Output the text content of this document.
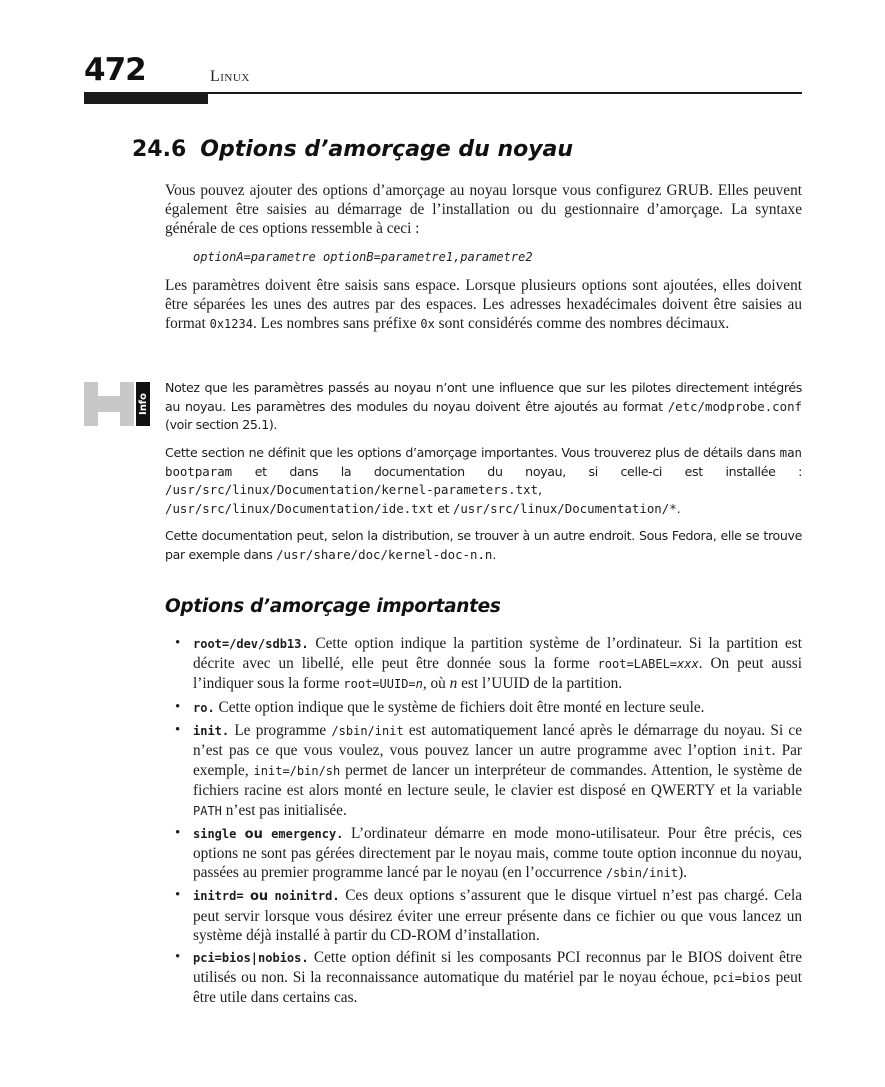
472	Linux
24.6 Options d’amorçage du noyau

Vous pouvez ajouter des options d’amorçage au noyau lorsque vous configurez GRUB. Elles peuvent également être saisies au démarrage de l’installation ou du gestionnaire d’amorçage. La syntaxe générale de ces options ressemble à ceci :

optionA=parametre optionB=parametre1,parametre2

Les paramètres doivent être saisis sans espace. Lorsque plusieurs options sont ajoutées, elles doivent être séparées les unes des autres par des espaces. Les adresses hexadécimales doivent être saisies au format 0x1234. Les nombres sans préfixe 0x sont considérés comme des nombres décimaux.

Info

Notez que les paramètres passés au noyau n’ont une influence que sur les pilotes directement intégrés au noyau. Les paramètres des modules du noyau doivent être ajoutés au format /etc/modprobe.conf (voir section 25.1).

Cette section ne définit que les options d’amorçage importantes. Vous trouverez plus de détails dans man bootparam et dans la documentation du noyau, si celle-ci est installée : /usr/src/linux/Documentation/kernel-parameters.txt, /usr/src/linux/Documentation/ide.txt et /usr/src/linux/Documentation/*.

Cette documentation peut, selon la distribution, se trouver à un autre endroit. Sous Fedora, elle se trouve par exemple dans /usr/share/doc/kernel-doc-n.n.

Options d’amorçage importantes
• root=/dev/sdb13. Cette option indique la partition système de l’ordinateur. Si la partition est décrite avec un libellé, elle peut être donnée sous la forme root=LABEL=xxx. On peut aussi l’indiquer sous la forme root=UUID=n, où n est l’UUID de la partition.
• ro. Cette option indique que le système de fichiers doit être monté en lecture seule.
• init. Le programme /sbin/init est automatiquement lancé après le démarrage du noyau. Si ce n’est pas ce que vous voulez, vous pouvez lancer un autre programme avec l’option init. Par exemple, init=/bin/sh permet de lancer un interpréteur de commandes. Attention, le système de fichiers racine est alors monté en lecture seule, le clavier est disposé en QWERTY et la variable PATH n’est pas initialisée.
• single ou emergency. L’ordinateur démarre en mode mono-utilisateur. Pour être précis, ces options ne sont pas gérées directement par le noyau mais, comme toute option inconnue du noyau, passées au premier programme lancé par le noyau (en l’occurrence /sbin/init).
• initrd= ou noinitrd. Ces deux options s’assurent que le disque virtuel n’est pas chargé. Cela peut servir lorsque vous désirez éviter une erreur présente dans ce fichier ou que vous lancez un système déjà installé à partir du CD-ROM d’installation.
• pci=bios|nobios. Cette option définit si les composants PCI reconnus par le BIOS doivent être utilisés ou non. Si la reconnaissance automatique du matériel par le noyau échoue, pci=bios peut être utile dans certains cas.
